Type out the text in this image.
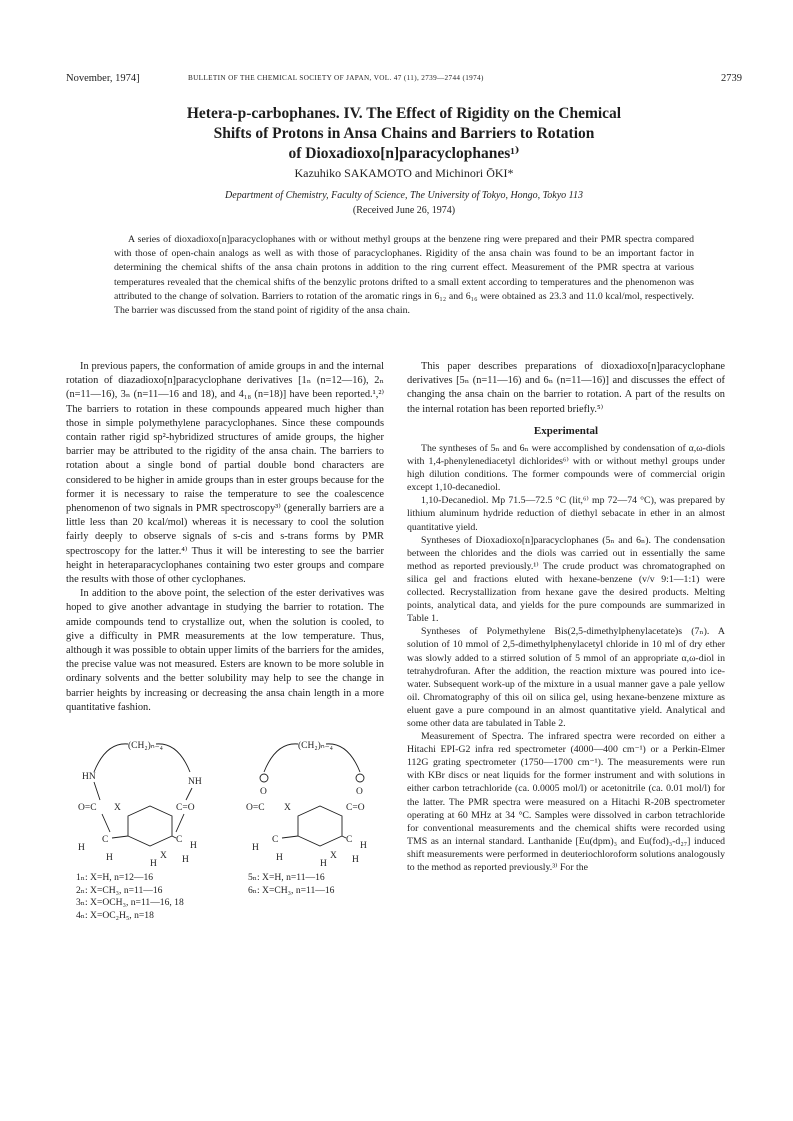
November, 1974]	BULLETIN OF THE CHEMICAL SOCIETY OF JAPAN, VOL. 47 (11), 2739—2744 (1974)	2739
Hetera-p-carbophanes. IV. The Effect of Rigidity on the Chemical
Shifts of Protons in Ansa Chains and Barriers to Rotation
of Dioxadioxo[n]paracyclophanes¹⁾
Kazuhiko SAKAMOTO and Michinori ŌKI*
Department of Chemistry, Faculty of Science, The University of Tokyo, Hongo, Tokyo 113
(Received June 26, 1974)
A series of dioxadioxo[n]paracyclophanes with or without methyl groups at the benzene ring were prepared and their PMR spectra compared with those of open-chain analogs as well as with those of paracyclophanes. Rigidity of the ansa chain was found to be an important factor in determining the chemical shifts of the ansa chain protons in addition to the ring current effect. Measurement of the PMR spectra at various temperatures revealed that the chemical shifts of the benzylic protons drifted to a small extent according to temperatures and the phenomenon was attributed to the change of solvation. Barriers to rotation of the aromatic rings in 6₁₂ and 6₁₆ were obtained as 23.3 and 11.0 kcal/mol, respectively. The barrier was discussed from the stand point of rigidity of the ansa chain.

In previous papers, the conformation of amide groups in and the internal rotation of diazadioxo[n]paracyclophane derivatives [1ₙ (n=12—16), 2ₙ (n=11—16), 3ₙ (n=11—16 and 18), and 4₁₈ (n=18)] have been reported.¹,²⁾ The barriers to rotation in these compounds appeared much higher than those in simple polymethylene paracyclophanes. Since these compounds contain rather rigid sp²-hybridized structures of amide groups, the higher barrier may be attributed to the rigidity of the ansa chain. The barriers to rotation about a single bond of partial double bond characters are considered to be higher in amide groups than in ester groups because for the former it is necessary to raise the temperature to see the coalescence phenomenon of two signals in PMR spectroscopy³⁾ (generally barriers are a little less than 20 kcal/mol) whereas it is necessary to cool the solution fairly deeply to observe signals of s-cis and s-trans forms by PMR spectroscopy for the latter.⁴⁾ Thus it will be interesting to see the barrier height in heteraparacyclophanes containing two ester groups and compare the results with those of other cyclophanes.

In addition to the above point, the selection of the ester derivatives was hoped to give another advantage in studying the barrier to rotation. The amide compounds tend to crystallize out, when the solution is cooled, to give a difficulty in PMR measurements at the low temperature. Thus, although it was possible to obtain upper limits of the barriers for the amides, the precise value was not measured. Esters are known to be more soluble in ordinary solvents and the better solubility may help to see the change in barrier heights by increasing or decreasing the ansa chain length in a more quantitative fashion.

(CH₂)ₙ₋₄
HN	NH
O=C	C=O
X
C	C
H	H
H	H
X
H
(CH₂)ₙ₋₄
O	O
O=C	C=O
X
C	C
H	H
H	H
X
H
1ₙ: X=H, n=12—16
2ₙ: X=CH₃, n=11—16
3ₙ: X=OCH₃, n=11—16, 18
4ₙ: X=OC₂H₅, n=18
5ₙ: X=H, n=11—16
6ₙ: X=CH₃, n=11—16

This paper describes preparations of dioxadioxo[n]paracyclophane derivatives [5ₙ (n=11—16) and 6ₙ (n=11—16)] and discusses the effect of changing the ansa chain on the barrier to rotation. A part of the results on the internal rotation has been reported briefly.⁵⁾

Experimental

The syntheses of 5ₙ and 6ₙ were accomplished by condensation of α,ω-diols with 1,4-phenylenediacetyl dichlorides⁶⁾ with or without methyl groups under high dilution conditions. The former compounds were of commercial origin except 1,10-decanediol.

1,10-Decanediol. Mp 71.5—72.5 °C (lit,⁶⁾ mp 72—74 °C), was prepared by lithium aluminum hydride reduction of diethyl sebacate in ether in an almost quantitative yield.

Syntheses of Dioxadioxo[n]paracyclophanes (5ₙ and 6ₙ). The condensation between the chlorides and the diols was carried out in essentially the same method as reported previously.¹⁾ The crude product was chromatographed on silica gel and fractions eluted with hexane-benzene (v/v 9:1—1:1) were collected. Recrystallization from hexane gave the desired products. Melting points, analytical data, and yields for the pure compounds are summarized in Table 1.

Syntheses of Polymethylene Bis(2,5-dimethylphenylacetate)s (7ₙ). A solution of 10 mmol of 2,5-dimethylphenylacetyl chloride in 10 ml of dry ether was slowly added to a stirred solution of 5 mmol of an appropriate α,ω-diol in tetrahydrofuran. After the addition, the reaction mixture was poured into ice-water. Subsequent work-up of the mixture in a usual manner gave a pale yellow oil. Chromatography of this oil on silica gel, using hexane-benzene mixture as eluent gave a pure compound in an almost quantitative yield. Analytical and some other data are tabulated in Table 2.

Measurement of Spectra. The infrared spectra were recorded on either a Hitachi EPI-G2 infra red spectrometer (4000—400 cm⁻¹) or a Perkin-Elmer 112G grating spectrometer (1750—1700 cm⁻¹). The measurements were run with KBr discs or neat liquids for the former instrument and with solutions in either carbon tetrachloride (ca. 0.0005 mol/l) or acetonitrile (ca. 0.01 mol/l) for the latter. The PMR spectra were measured on a Hitachi R-20B spectrometer operating at 60 MHz at 34 °C. Samples were dissolved in carbon tetrachloride for conventional measurements and the chemical shifts were recorded using TMS as an internal standard. Lanthanide [Eu(dpm)₃ and Eu(fod)₃-d₂₇] induced shift measurements were performed in deuteriochloroform solutions analogously to the method as reported previously.³⁾ For the
